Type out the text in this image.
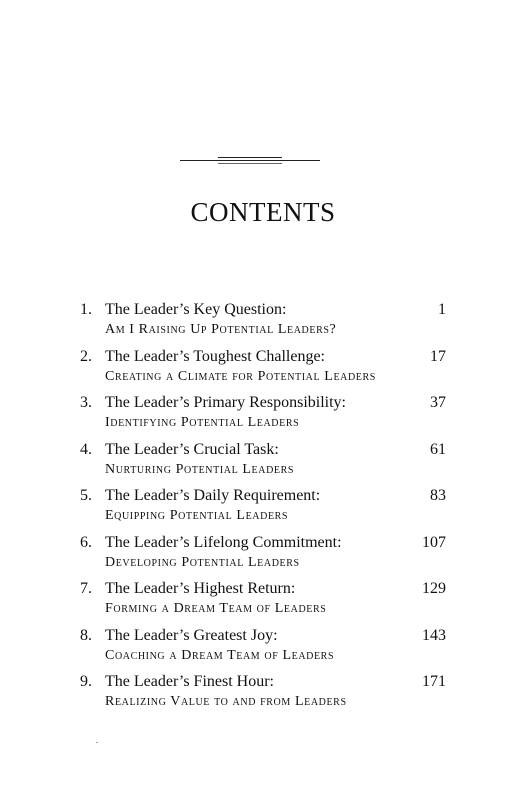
CONTENTS
1. The Leader’s Key Question:	1
Am I Raising Up Potential Leaders?
2. The Leader’s Toughest Challenge:	17
Creating a Climate for Potential Leaders
3. The Leader’s Primary Responsibility:	37
Identifying Potential Leaders
4. The Leader’s Crucial Task:	61
Nurturing Potential Leaders
5. The Leader’s Daily Requirement:	83
Equipping Potential Leaders
6. The Leader’s Lifelong Commitment:	107
Developing Potential Leaders
7. The Leader’s Highest Return:	129
Forming a Dream Team of Leaders
8. The Leader’s Greatest Joy:	143
Coaching a Dream Team of Leaders
9. The Leader’s Finest Hour:	171
Realizing Value to and from Leaders
